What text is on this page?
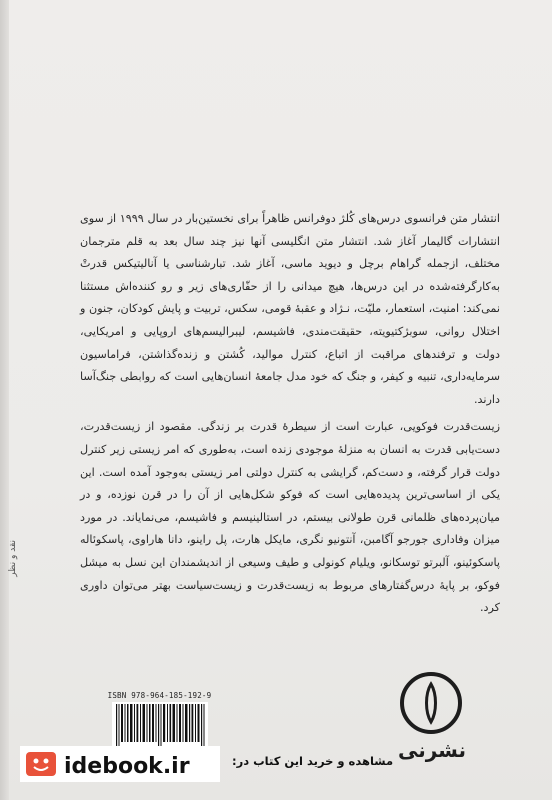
انتشار متن فرانسوی درس‌های کُلژ دوفرانس ظاهراً برای نخستین‌بار در سال ۱۹۹۹ از سوی انتشارات گالیمار آغاز شد. انتشار متن انگلیسی آنها نیز چند سال بعد به قلم مترجمان مختلف، ازجمله گراهام برچل و دیوید ماسی، آغاز شد. تبارشناسی یا آنالیتیکس قدرتْ به‌کارگرفته‌شده در این درس‌ها، هیچ میدانی را از حفّاری‌های زیر و رو کننده‌اش مستثنا نمی‌کند: امنیت، استعمار، ملیّت، نـژاد و عقبهٔ قومی، سکس، تربیت و پایش کودکان، جنون و اختلال روانی، سوبژکتیویته، حقیقت‌مندی، فاشیسم، لیبرالیسم‌های اروپایی و امریکایی، دولت و ترفندهای مراقبت از اتباع، کنترل موالید، کُشتن و زنده‌گذاشتن، فراماسیون سرمایه‌داری، تنبیه و کیفر، و جنگ که خود مدل جامعهٔ انسان‌هایی است که روابطی جنگ‌آسا دارند.

زیست‌قدرت فوکویی، عبارت است از سیطرهٔ قدرت بر زندگی. مقصود از زیست‌قدرت، دست‌یابی قدرت به انسان به منزلهٔ موجودی زنده است، به‌طوری که امر زیستی زیر کنترل دولت قرار گرفته، و دست‌کم، گرایشی به کنترل دولتی امر زیستی به‌وجود آمده است. این یکی از اساسی‌ترین پدیده‌هایی است که فوکو شکل‌هایی از آن را در قرن نوزده، و در میان‌پرده‌های ظلمانی قرن طولانی بیستم، در استالینیسم و فاشیسم، می‌نمایاند. در مورد میزان وفاداری جورجو آگامبن، آنتونیو نگری، مایکل هارت، پل راینو، دانا هاراوی، پاسکوئاله پاسکوئینو، آلبرتو توسکانو، ویلیام کونولی و طیف وسیعی از اندیشمندان این نسل به میشل فوکو، بر پایهٔ درس‌گفتارهای مربوط به زیست‌قدرت و زیست‌سیاست بهتر می‌توان داوری کرد.

نقد و نظر
ISBN 978-964-185-192-9
نشرنی
idebook.ir	مشاهده و خرید این کتاب در:
